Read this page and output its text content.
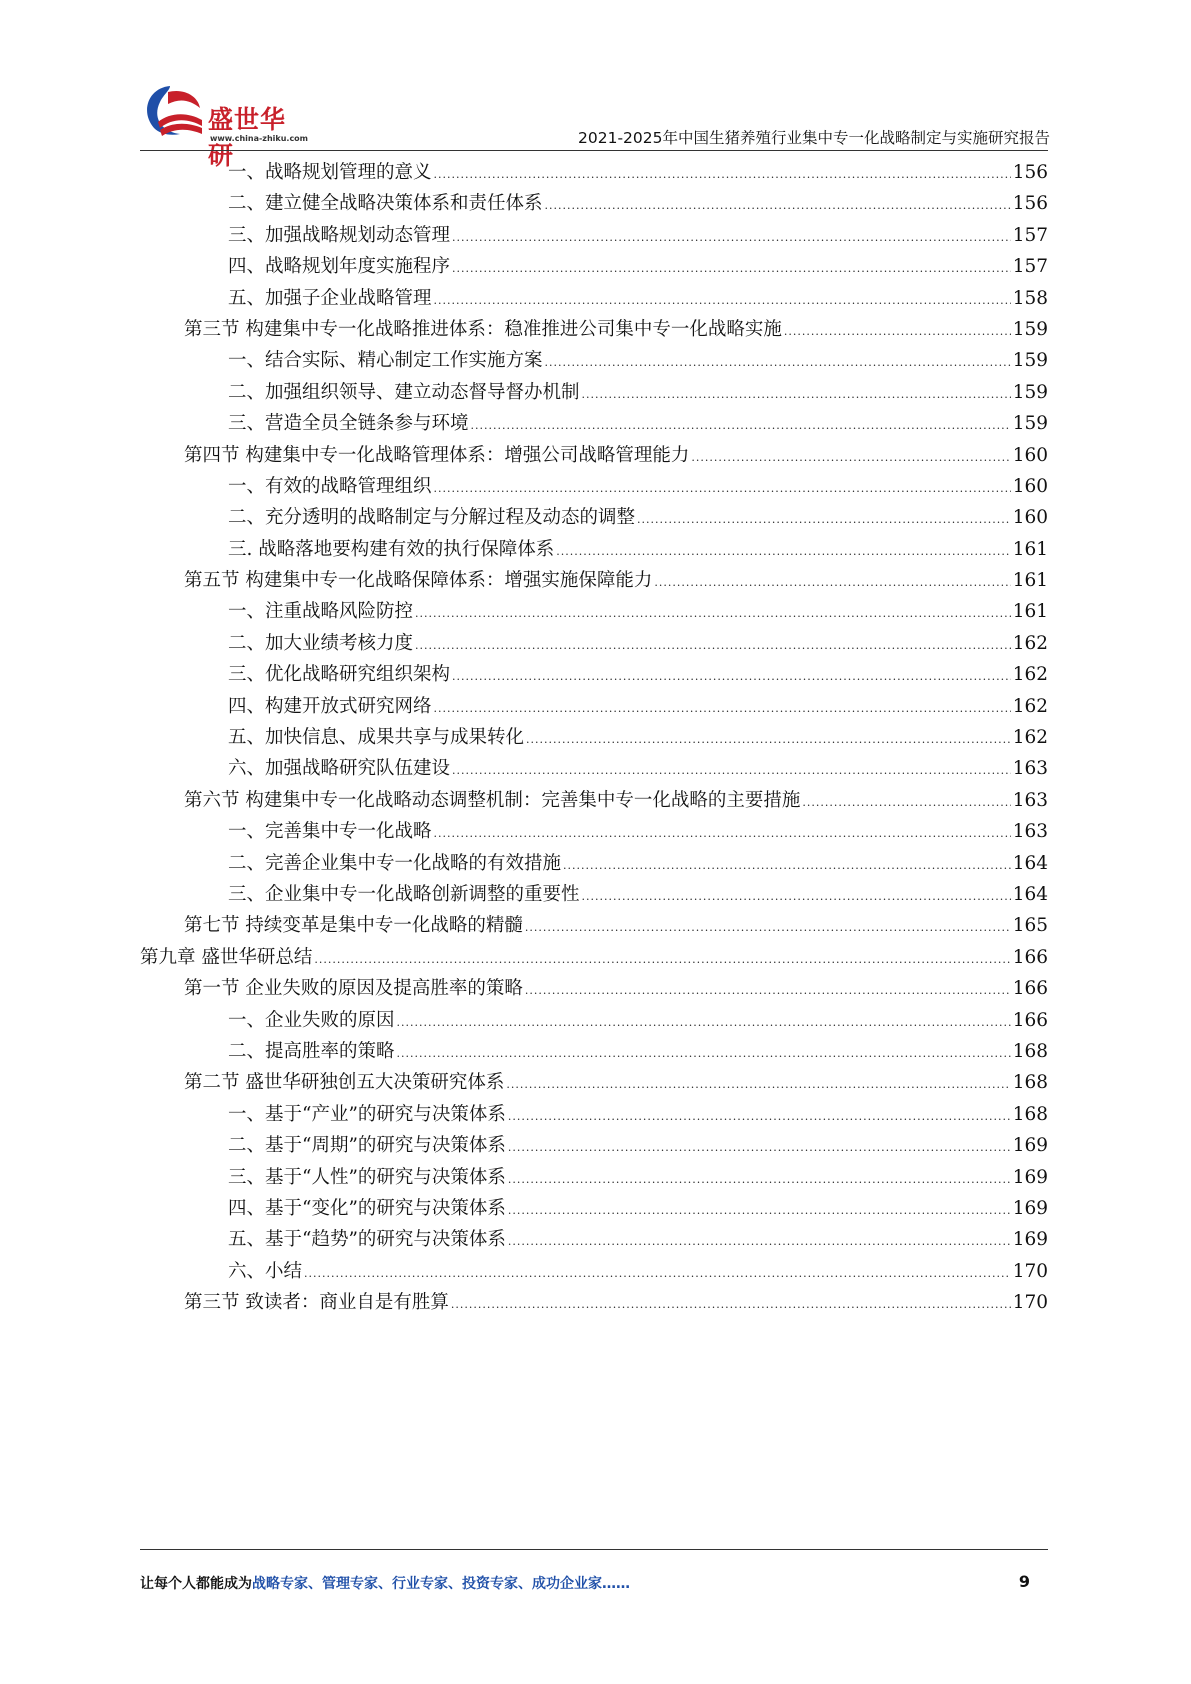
盛世华研
www.china-zhiku.com	2021-2025年中国生猪养殖行业集中专一化战略制定与实施研究报告
一、战略规划管理的意义 .....	156
二、建立健全战略决策体系和责任体系 .....	156
三、加强战略规划动态管理 .....	157
四、战略规划年度实施程序 .....	157
五、加强子企业战略管理 .....	158
第三节 构建集中专一化战略推进体系：稳准推进公司集中专一化战略实施 .....	159
一、结合实际、精心制定工作实施方案 .....	159
二、加强组织领导、建立动态督导督办机制 .....	159
三、营造全员全链条参与环境 .....	159
第四节 构建集中专一化战略管理体系：增强公司战略管理能力 .....	160
一、有效的战略管理组织 .....	160
二、充分透明的战略制定与分解过程及动态的调整 .....	160
三. 战略落地要构建有效的执行保障体系 .....	161
第五节 构建集中专一化战略保障体系：增强实施保障能力 .....	161
一、注重战略风险防控 .....	161
二、加大业绩考核力度 .....	162
三、优化战略研究组织架构 .....	162
四、构建开放式研究网络 .....	162
五、加快信息、成果共享与成果转化 .....	162
六、加强战略研究队伍建设 .....	163
第六节 构建集中专一化战略动态调整机制：完善集中专一化战略的主要措施 .....	163
一、完善集中专一化战略 .....	163
二、完善企业集中专一化战略的有效措施 .....	164
三、企业集中专一化战略创新调整的重要性 .....	164
第七节 持续变革是集中专一化战略的精髓 .....	165
第九章 盛世华研总结 .....	166
第一节 企业失败的原因及提高胜率的策略 .....	166
一、企业失败的原因 .....	166
二、提高胜率的策略 .....	168
第二节 盛世华研独创五大决策研究体系 .....	168
一、基于“产业”的研究与决策体系 .....	168
二、基于“周期”的研究与决策体系 .....	169
三、基于“人性”的研究与决策体系 .....	169
四、基于“变化”的研究与决策体系 .....	169
五、基于“趋势”的研究与决策体系 .....	169
六、小结 .....	170
第三节 致读者：商业自是有胜算 .....	170
让每个人都能成为战略专家、管理专家、行业专家、投资专家、成功企业家……	9
